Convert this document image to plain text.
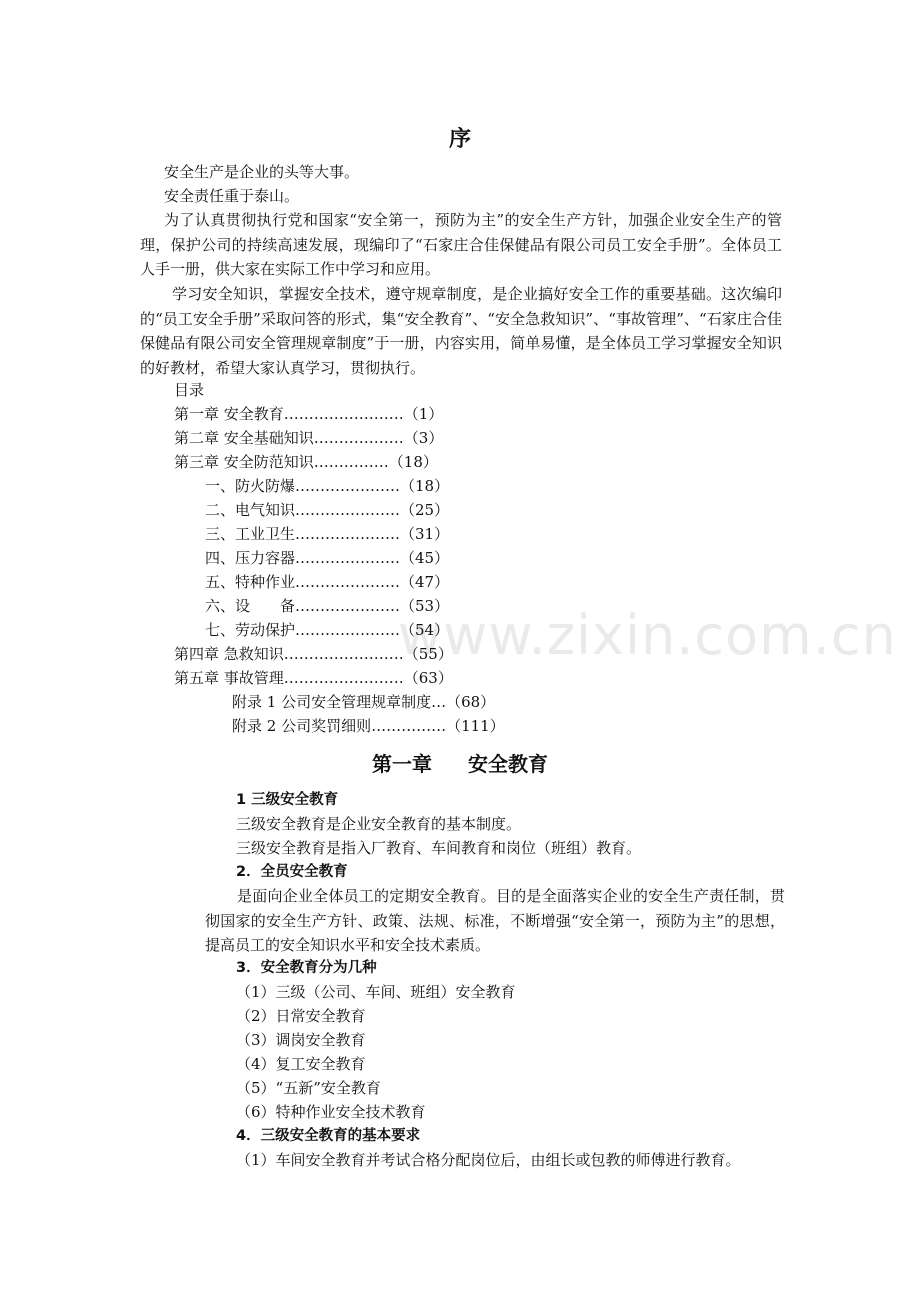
www.zixin.com.cn
序
安全生产是企业的头等大事。
安全责任重于泰山。
为了认真贯彻执行党和国家“安全第一，预防为主”的安全生产方针，加强企业安全生产的管理，保护公司的持续高速发展，现编印了“石家庄合佳保健品有限公司员工安全手册”。全体员工人手一册，供大家在实际工作中学习和应用。
学习安全知识，掌握安全技术，遵守规章制度，是企业搞好安全工作的重要基础。这次编印的“员工安全手册”采取问答的形式，集“安全教育”、“安全急救知识”、“事故管理”、“石家庄合佳保健品有限公司安全管理规章制度”于一册，内容实用，简单易懂，是全体员工学习掌握安全知识的好教材，希望大家认真学习，贯彻执行。
目录
第一章 安全教育……………………（1）
第二章 安全基础知识………………（3）
第三章 安全防范知识……………（18）
一、防火防爆…………………（18）
二、电气知识…………………（25）
三、工业卫生…………………（31）
四、压力容器…………………（45）
五、特种作业…………………（47）
六、设　　备…………………（53）
七、劳动保护…………………（54）
第四章 急救知识……………………（55）
第五章 事故管理……………………（63）
附录 1 公司安全管理规章制度…（68）
附录 2 公司奖罚细则……………（111）
第一章 安全教育
1 三级安全教育
三级安全教育是企业安全教育的基本制度。
三级安全教育是指入厂教育、车间教育和岗位（班组）教育。
2．全员安全教育
是面向企业全体员工的定期安全教育。目的是全面落实企业的安全生产责任制，贯彻国家的安全生产方针、政策、法规、标准，不断增强“安全第一，预防为主”的思想，提高员工的安全知识水平和安全技术素质。
3．安全教育分为几种
（1）三级（公司、车间、班组）安全教育
（2）日常安全教育
（3）调岗安全教育
（4）复工安全教育
（5）“五新”安全教育
（6）特种作业安全技术教育
4．三级安全教育的基本要求
（1）车间安全教育并考试合格分配岗位后，由组长或包教的师傅进行教育。
